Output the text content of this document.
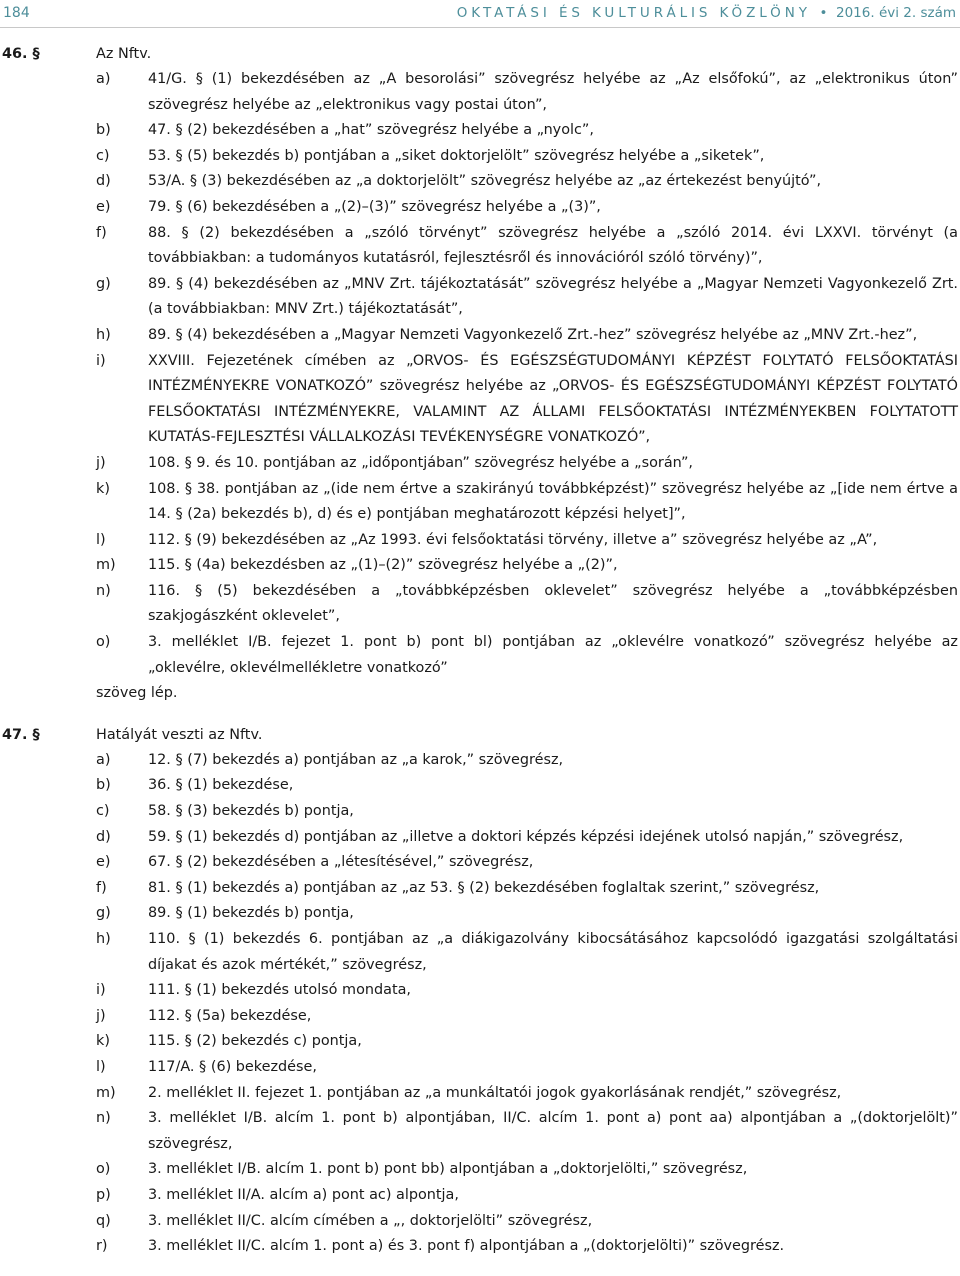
184	OKTATÁSI ÉS KULTURÁLIS KÖZLÖNY • 2016. évi 2. szám
46. §	Az Nftv.
a)	41/G. § (1) bekezdésében az „A besorolási” szövegrész helyébe az „Az elsőfokú”, az „elektronikus úton” szövegrész helyébe az „elektronikus vagy postai úton”,
b)	47. § (2) bekezdésében a „hat” szövegrész helyébe a „nyolc”,
c)	53. § (5) bekezdés b) pontjában a „siket doktorjelölt” szövegrész helyébe a „siketek”,
d)	53/A. § (3) bekezdésében az „a doktorjelölt” szövegrész helyébe az „az értekezést benyújtó”,
e)	79. § (6) bekezdésében a „(2)–(3)” szövegrész helyébe a „(3)”,
f)	88. § (2) bekezdésében a „szóló törvényt” szövegrész helyébe a „szóló 2014. évi LXXVI. törvényt (a továbbiakban: a tudományos kutatásról, fejlesztésről és innovációról szóló törvény)”,
g)	89. § (4) bekezdésében az „MNV Zrt. tájékoztatását” szövegrész helyébe a „Magyar Nemzeti Vagyonkezelő Zrt. (a továbbiakban: MNV Zrt.) tájékoztatását”,
h)	89. § (4) bekezdésében a „Magyar Nemzeti Vagyonkezelő Zrt.-hez” szövegrész helyébe az „MNV Zrt.-hez”,
i)	XXVIII. Fejezetének címében az „ORVOS- ÉS EGÉSZSÉGTUDOMÁNYI KÉPZÉST FOLYTATÓ FELSŐOKTATÁSI INTÉZMÉNYEKRE VONATKOZÓ” szövegrész helyébe az „ORVOS- ÉS EGÉSZSÉGTUDOMÁNYI KÉPZÉST FOLYTATÓ FELSŐOKTATÁSI INTÉZMÉNYEKRE, VALAMINT AZ ÁLLAMI FELSŐOKTATÁSI INTÉZMÉNYEKBEN FOLYTATOTT KUTATÁS-FEJLESZTÉSI VÁLLALKOZÁSI TEVÉKENYSÉGRE VONATKOZÓ”,
j)	108. § 9. és 10. pontjában az „időpontjában” szövegrész helyébe a „során”,
k)	108. § 38. pontjában az „(ide nem értve a szakirányú továbbképzést)” szövegrész helyébe az „[ide nem értve a 14. § (2a) bekezdés b), d) és e) pontjában meghatározott képzési helyet]”,
l)	112. § (9) bekezdésében az „Az 1993. évi felsőoktatási törvény, illetve a” szövegrész helyébe az „A”,
m) 115. § (4a) bekezdésben az „(1)–(2)” szövegrész helyébe a „(2)”,
n)	116. § (5) bekezdésében a „továbbképzésben oklevelet” szövegrész helyébe a „továbbképzésben szakjogászként oklevelet”,
o)	3. melléklet I/B. fejezet 1. pont b) pont bl) pontjában az „oklevélre vonatkozó” szövegrész helyébe az „oklevélre, oklevélmellékletre vonatkozó”
szöveg lép.
47. §	Hatályát veszti az Nftv.
a)	12. § (7) bekezdés a) pontjában az „a karok,” szövegrész,
b)	36. § (1) bekezdése,
c)	58. § (3) bekezdés b) pontja,
d)	59. § (1) bekezdés d) pontjában az „illetve a doktori képzés képzési idejének utolsó napján,” szövegrész,
e)	67. § (2) bekezdésében a „létesítésével,” szövegrész,
f)	81. § (1) bekezdés a) pontjában az „az 53. § (2) bekezdésében foglaltak szerint,” szövegrész,
g)	89. § (1) bekezdés b) pontja,
h)	110. § (1) bekezdés 6. pontjában az „a diákigazolvány kibocsátásához kapcsolódó igazgatási szolgáltatási díjakat és azok mértékét,” szövegrész,
i)	111. § (1) bekezdés utolsó mondata,
j)	112. § (5a) bekezdése,
k)	115. § (2) bekezdés c) pontja,
l)	117/A. § (6) bekezdése,
m) 2. melléklet II. fejezet 1. pontjában az „a munkáltatói jogok gyakorlásának rendjét,” szövegrész,
n)	3. melléklet I/B. alcím 1. pont b) alpontjában, II/C. alcím 1. pont a) pont aa) alpontjában a „(doktorjelölt)” szövegrész,
o)	3. melléklet I/B. alcím 1. pont b) pont bb) alpontjában a „doktorjelölti,” szövegrész,
p)	3. melléklet II/A. alcím a) pont ac) alpontja,
q)	3. melléklet II/C. alcím címében a „, doktorjelölti” szövegrész,
r)	3. melléklet II/C. alcím 1. pont a) és 3. pont f) alpontjában a „(doktorjelölti)” szövegrész.
